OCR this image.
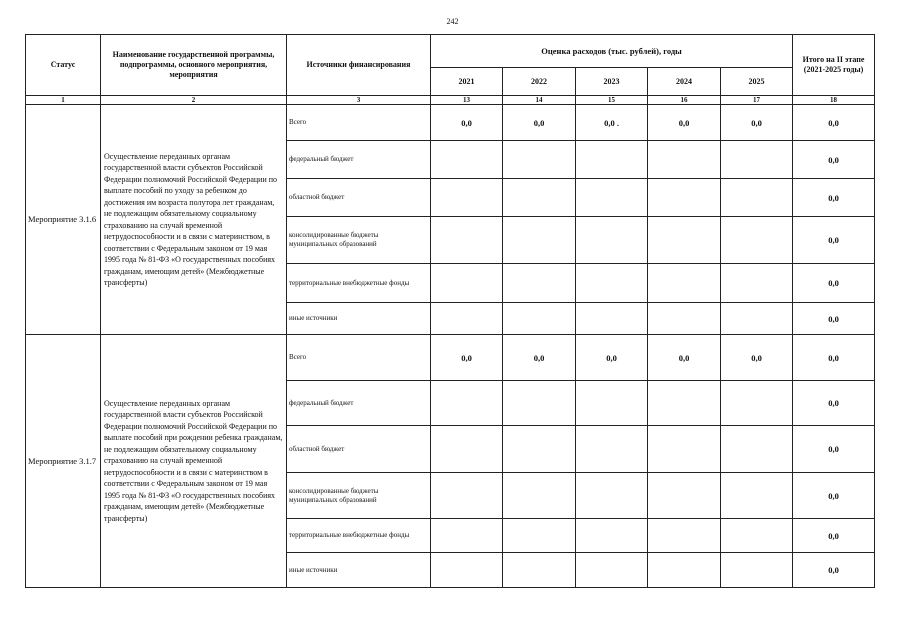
242
Статус	Наименование государственной программы, подпрограммы, основного мероприятия, мероприятия	Источники финансирования	Оценка расходов (тыс. рублей), годы					Итого на II этапе (2021-2025 годы)
			2021	2022	2023	2024	2025	
1	2	3	13	14	15	16	17	18
Мероприятие 3.1.6	Осуществление переданных органам государственной власти субъектов Российской Федерации полномочий Российской Федерации по выплате пособий по уходу за ребенком до достижения им возраста полутора лет гражданам, не подлежащим обязательному социальному страхованию на случай временной нетрудоспособности и в связи с материнством, в соответствии с Федеральным законом от 19 мая 1995 года № 81-ФЗ «О государственных пособиях гражданам, имеющим детей» (Межбюджетные трансферты)	Всего	0,0	0,0	0,0 .	0,0	0,0	0,0
		федеральный бюджет						0,0
		областной бюджет						0,0
		консолидированные бюджеты муниципальных образований						0,0
		территориальные внебюджетные фонды						0,0
		иные источники						0,0
Мероприятие 3.1.7	Осуществление переданных органам государственной власти субъектов Российской Федерации полномочий Российской Федерации по выплате пособий при рождении ребенка гражданам, не подлежащим обязательному социальному страхованию на случай временной нетрудоспособности и в связи с материнством в соответствии с Федеральным законом от 19 мая 1995 года № 81-ФЗ «О государственных пособиях гражданам, имеющим детей» (Межбюджетные трансферты)	Всего	0,0	0,0	0,0	0,0	0,0	0,0
		федеральный бюджет						0,0
		областной бюджет						0,0
		консолидированные бюджеты муниципальных образований						0,0
		территориальные внебюджетные фонды						0,0
		иные источники						0,0
